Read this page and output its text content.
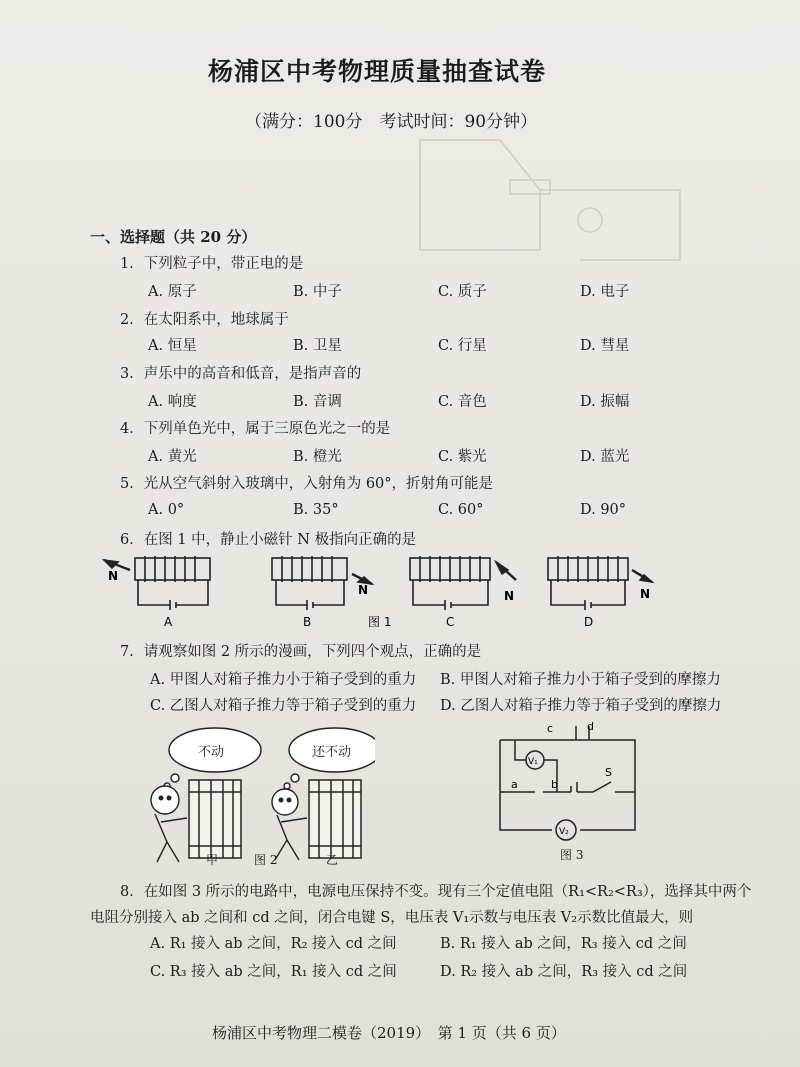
杨浦区中考物理质量抽查试卷
（满分：100分　考试时间：90分钟）
一、选择题（共 20 分）
1．下列粒子中，带正电的是
A. 原子	B. 中子	C. 质子	D. 电子
2．在太阳系中，地球属于
A. 恒星	B. 卫星	C. 行星	D. 彗星
3．声乐中的高音和低音，是指声音的
A. 响度	B. 音调	C. 音色	D. 振幅
4．下列单色光中，属于三原色光之一的是
A. 黄光	B. 橙光	C. 紫光	D. 蓝光
5．光从空气斜射入玻璃中，入射角为 60°，折射角可能是
A. 0°	B. 35°	C. 60°	D. 90°
6．在图 1 中，静止小磁针 N 极指向正确的是
N
N	N	N
A	B	C	D
图 1
7．请观察如图 2 所示的漫画，下列四个观点，正确的是
A. 甲图人对箱子推力小于箱子受到的重力 B. 甲图人对箱子推力小于箱子受到的摩擦力
C. 乙图人对箱子推力等于箱子受到的重力 D. 乙图人对箱子推力等于箱子受到的摩擦力
不动	还不动
甲	图 2	乙
c	d
a	b
S
V₁
V₂
图 3
8．在如图 3 所示的电路中，电源电压保持不变。现有三个定值电阻（R₁<R₂<R₃），选择其中两个
电阻分别接入 ab 之间和 cd 之间，闭合电键 S，电压表 V₁示数与电压表 V₂示数比值最大，则
A. R₁ 接入 ab 之间，R₂ 接入 cd 之间	B. R₁ 接入 ab 之间，R₃ 接入 cd 之间
C. R₃ 接入 ab 之间，R₁ 接入 cd 之间	D. R₂ 接入 ab 之间，R₃ 接入 cd 之间
杨浦区中考物理二模卷（2019）　第 1 页（共 6 页）
